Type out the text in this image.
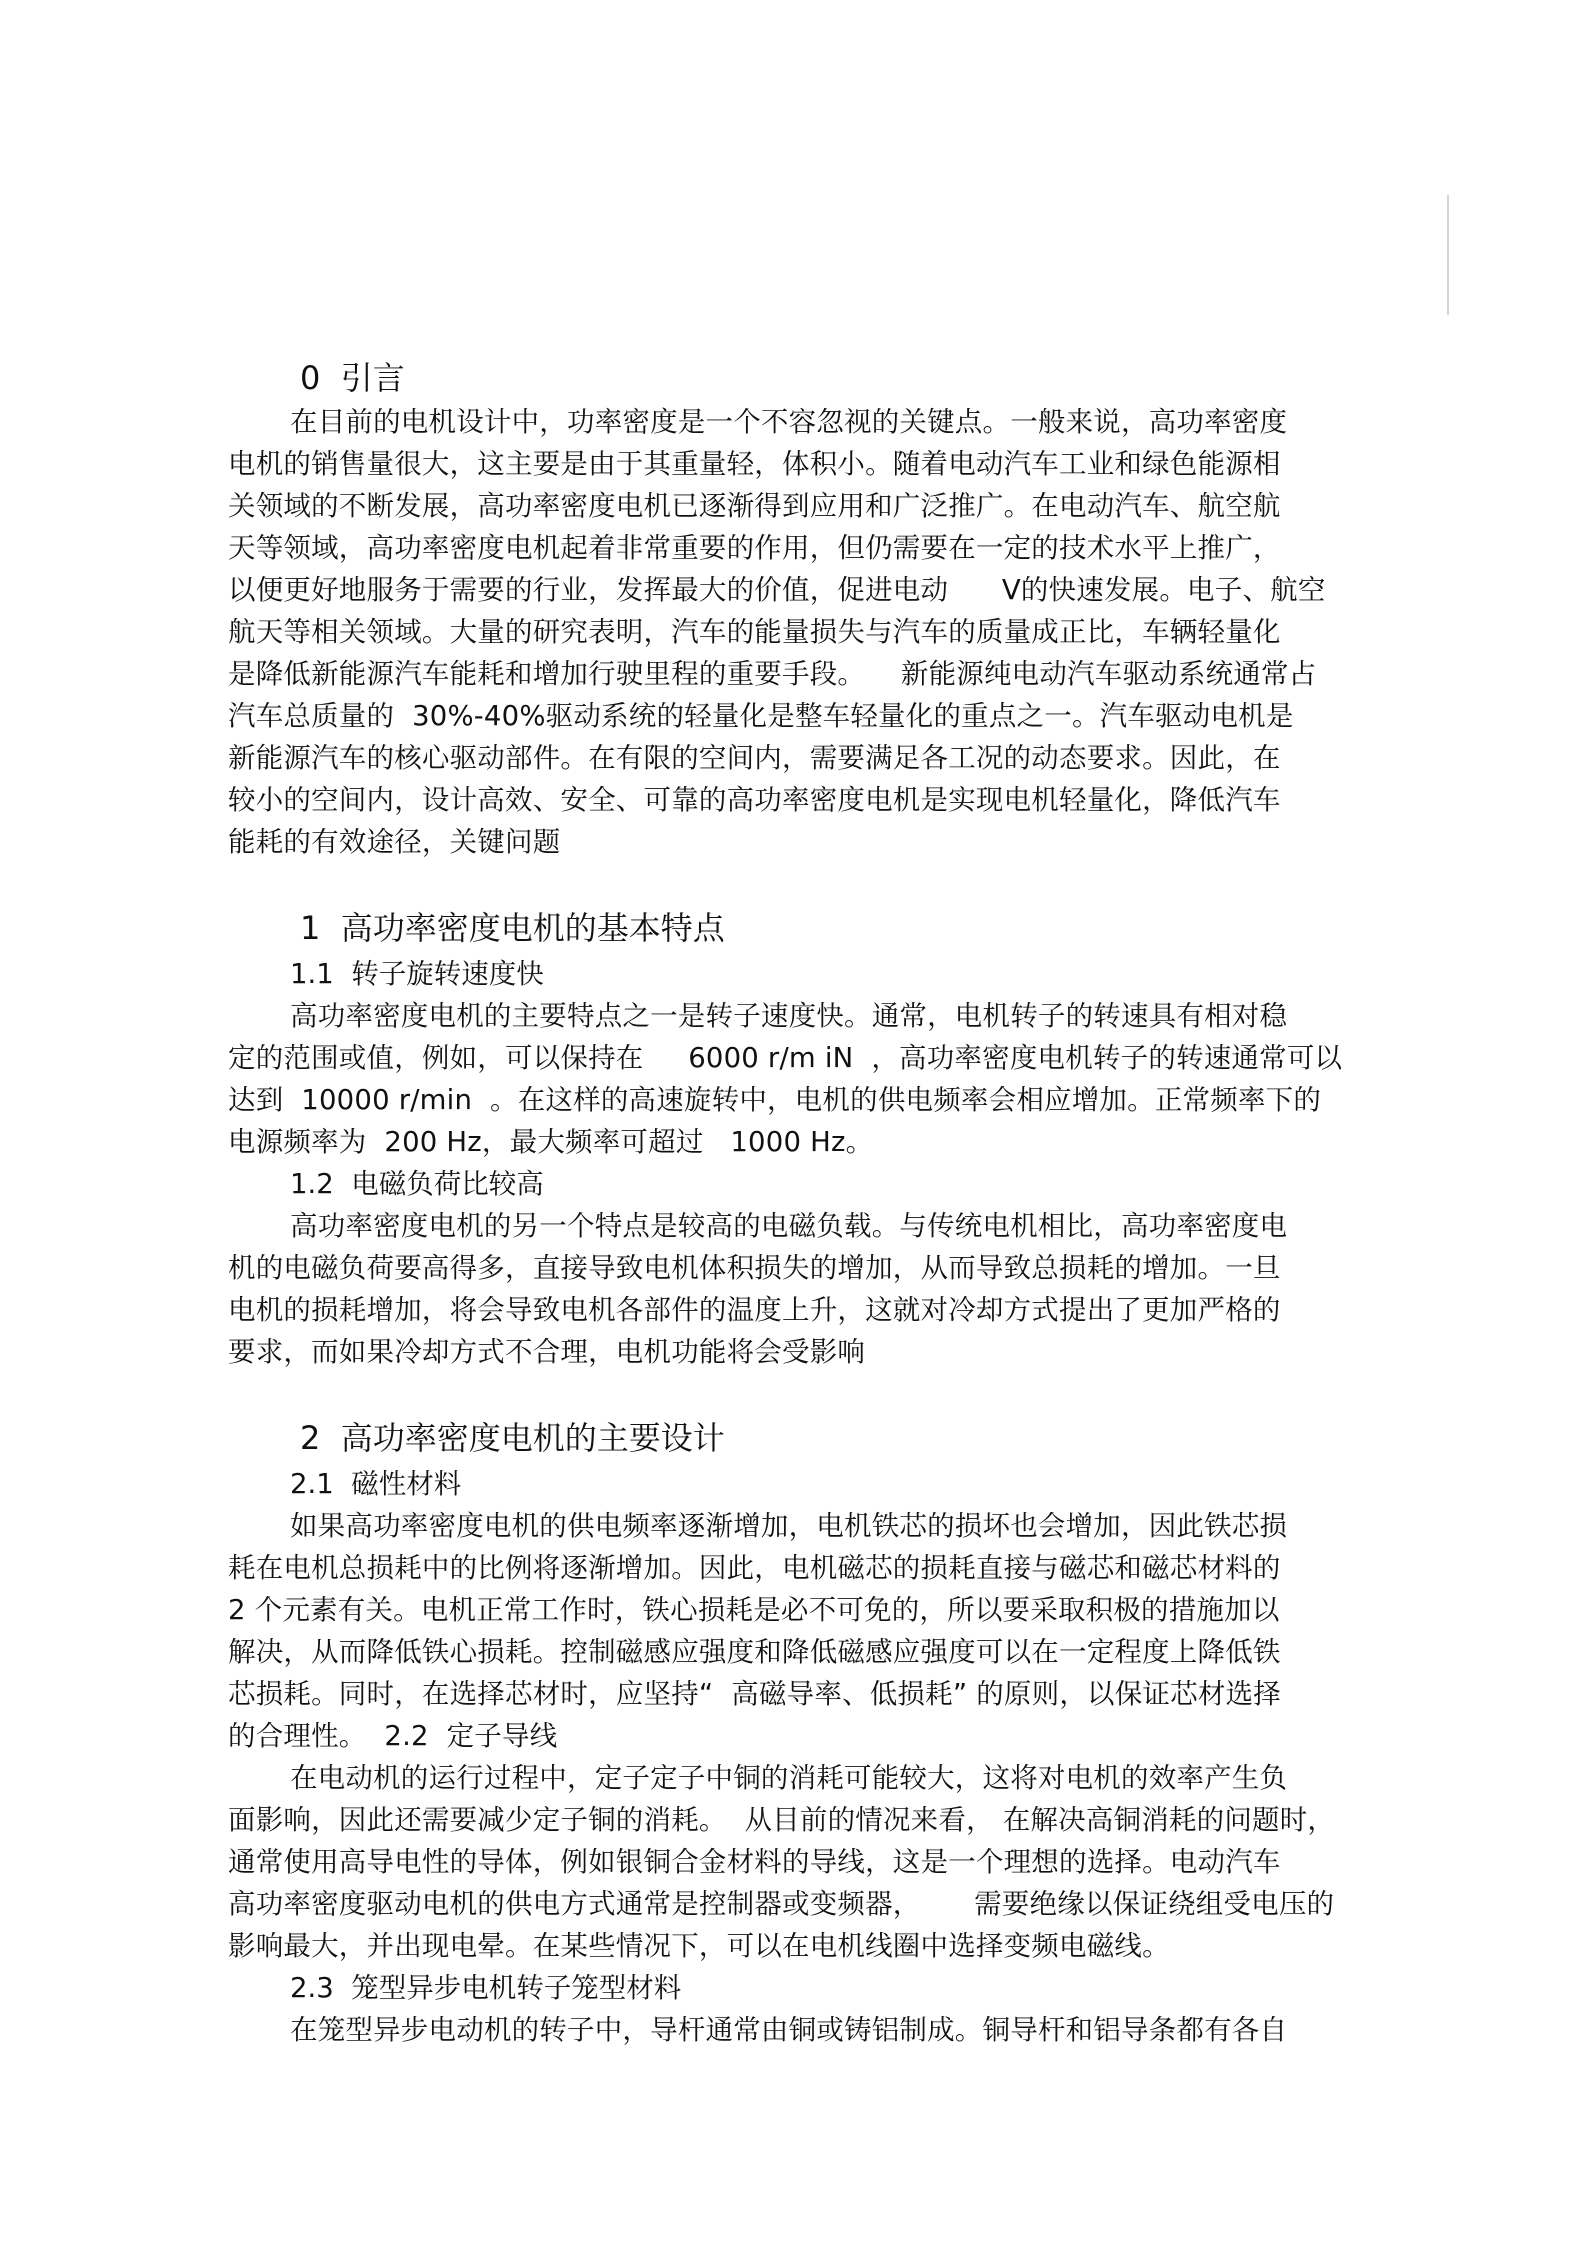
0  引言
在目前的电机设计中，功率密度是一个不容忽视的关键点。一般来说，高功率密度
电机的销售量很大，这主要是由于其重量轻，体积小。随着电动汽车工业和绿色能源相
关领域的不断发展，高功率密度电机已逐渐得到应用和广泛推广。在电动汽车、航空航
天等领域，高功率密度电机起着非常重要的作用，但仍需要在一定的技术水平上推广，
以便更好地服务于需要的行业，发挥最大的价值，促进电动      V的快速发展。电子、航空
航天等相关领域。大量的研究表明，汽车的能量损失与汽车的质量成正比，车辆轻量化
是降低新能源汽车能耗和增加行驶里程的重要手段。    新能源纯电动汽车驱动系统通常占
汽车总质量的  30%-40%驱动系统的轻量化是整车轻量化的重点之一。汽车驱动电机是
新能源汽车的核心驱动部件。在有限的空间内，需要满足各工况的动态要求。因此，在
较小的空间内，设计高效、安全、可靠的高功率密度电机是实现电机轻量化，降低汽车
能耗的有效途径，关键问题
1  高功率密度电机的基本特点
1.1  转子旋转速度快
高功率密度电机的主要特点之一是转子速度快。通常，电机转子的转速具有相对稳
定的范围或值，例如，可以保持在     6000 r/m iN  ，高功率密度电机转子的转速通常可以
达到  10000 r/min  。在这样的高速旋转中，电机的供电频率会相应增加。正常频率下的
电源频率为  200 Hz，最大频率可超过   1000 Hz。
1.2  电磁负荷比较高
高功率密度电机的另一个特点是较高的电磁负载。与传统电机相比，高功率密度电
机的电磁负荷要高得多，直接导致电机体积损失的增加，从而导致总损耗的增加。一旦
电机的损耗增加，将会导致电机各部件的温度上升，这就对冷却方式提出了更加严格的
要求，而如果冷却方式不合理，电机功能将会受影响
2  高功率密度电机的主要设计
2.1  磁性材料
如果高功率密度电机的供电频率逐渐增加，电机铁芯的损坏也会增加，因此铁芯损
耗在电机总损耗中的比例将逐渐增加。因此，电机磁芯的损耗直接与磁芯和磁芯材料的
2 个元素有关。电机正常工作时，铁心损耗是必不可免的，所以要采取积极的措施加以
解决，从而降低铁心损耗。控制磁感应强度和降低磁感应强度可以在一定程度上降低铁
芯损耗。同时，在选择芯材时，应坚持“  高磁导率、低损耗” 的原则，以保证芯材选择
的合理性。  2.2  定子导线
在电动机的运行过程中，定子定子中铜的消耗可能较大，这将对电机的效率产生负
面影响，因此还需要减少定子铜的消耗。  从目前的情况来看， 在解决高铜消耗的问题时，
通常使用高导电性的导体，例如银铜合金材料的导线，这是一个理想的选择。电动汽车
高功率密度驱动电机的供电方式通常是控制器或变频器，      需要绝缘以保证绕组受电压的
影响最大，并出现电晕。在某些情况下，可以在电机线圈中选择变频电磁线。
2.3  笼型异步电机转子笼型材料
在笼型异步电动机的转子中，导杆通常由铜或铸铝制成。铜导杆和铝导条都有各自
